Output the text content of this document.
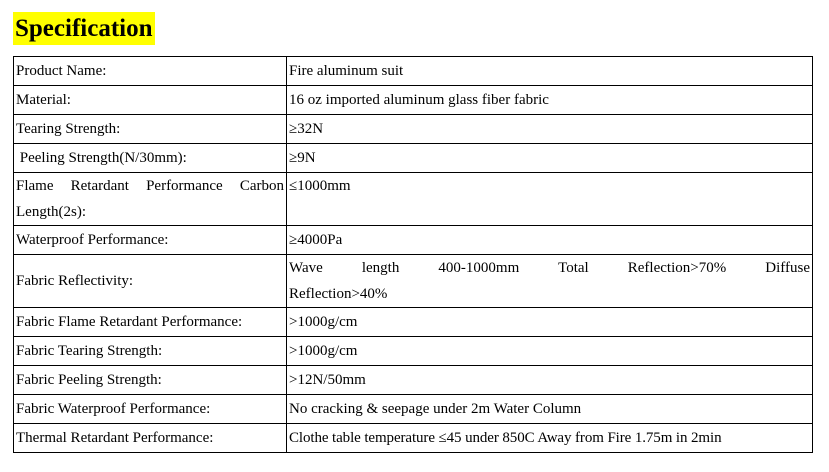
Specification
Product Name:	Fire aluminum suit
Material:	16 oz imported aluminum glass fiber fabric
Tearing Strength:	≥32N
Peeling Strength(N/30mm):	≥9N

Flame Retardant Performance Carbon
Length(2s):	≤1000mm
Waterproof Performance:	≥4000Pa
Fabric Reflectivity:	Wave length 400-1000mm Total Reflection>70% Diffuse
Reflection>40%

Fabric Flame Retardant Performance:	>1000g/cm
Fabric Tearing Strength:	>1000g/cm
Fabric Peeling Strength:	>12N/50mm
Fabric Waterproof Performance:	No cracking & seepage under 2m Water Column
Thermal Retardant Performance:	Clothe table temperature ≤45 under 850C Away from Fire 1.75m in 2min
